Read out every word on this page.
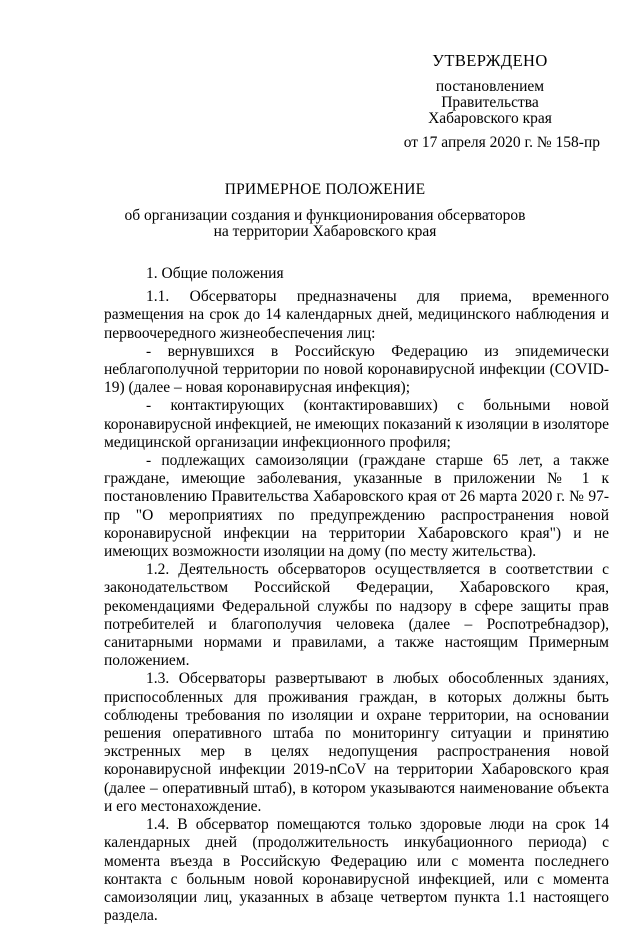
УТВЕРЖДЕНО
постановлением
Правительства
Хабаровского края
от 17 апреля 2020 г. № 158-пр
ПРИМЕРНОЕ ПОЛОЖЕНИЕ
об организации создания и функционирования обсерваторов
на территории Хабаровского края

1. Общие положения

1.1. Обсерваторы предназначены для приема, временного размещения на срок до 14 календарных дней, медицинского наблюдения и первоочередного жизнеобеспечения лиц:

- вернувшихся в Российскую Федерацию из эпидемически неблагополучной территории по новой коронавирусной инфекции (COVID-19) (далее – новая коронавирусная инфекция);

- контактирующих (контактировавших) с больными новой коронавирусной инфекцией, не имеющих показаний к изоляции в изоляторе медицинской организации инфекционного профиля;

- подлежащих самоизоляции (граждане старше 65 лет, а также граждане, имеющие заболевания, указанные в приложении № 1 к постановлению Правительства Хабаровского края от 26 марта 2020 г. № 97-пр "О мероприятиях по предупреждению распространения новой коронавирусной инфекции на территории Хабаровского края") и не имеющих возможности изоляции на дому (по месту жительства).

1.2. Деятельность обсерваторов осуществляется в соответствии с законодательством Российской Федерации, Хабаровского края, рекомендациями Федеральной службы по надзору в сфере защиты прав потребителей и благополучия человека (далее – Роспотребнадзор), санитарными нормами и правилами, а также настоящим Примерным положением.

1.3. Обсерваторы развертывают в любых обособленных зданиях, приспособленных для проживания граждан, в которых должны быть соблюдены требования по изоляции и охране территории, на основании решения оперативного штаба по мониторингу ситуации и принятию экстренных мер в целях недопущения распространения новой коронавирусной инфекции 2019-nCoV на территории Хабаровского края (далее – оперативный штаб), в котором указываются наименование объекта и его местонахождение.

1.4. В обсерватор помещаются только здоровые люди на срок 14 календарных дней (продолжительность инкубационного периода) с момента въезда в Российскую Федерацию или с момента последнего контакта с больным новой коронавирусной инфекцией, или с момента самоизоляции лиц, указанных в абзаце четвертом пункта 1.1 настоящего раздела.
